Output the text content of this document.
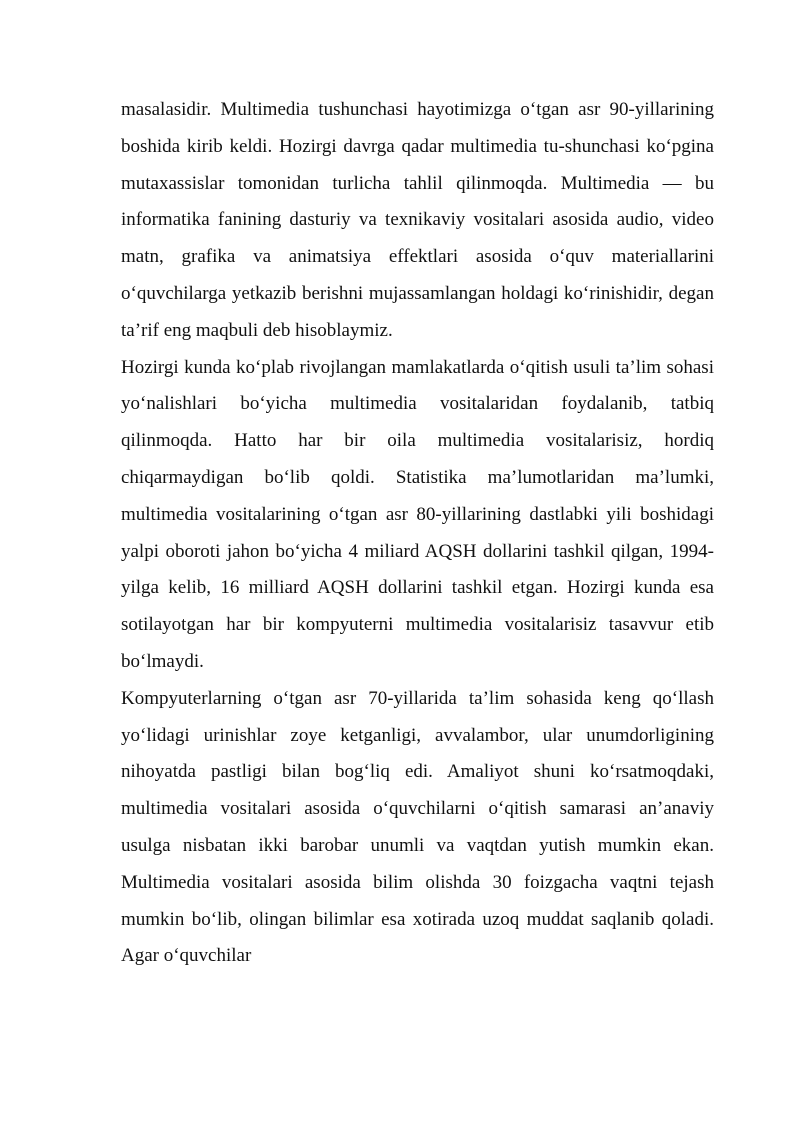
masalasidir. Multimedia tushunchasi hayotimizga o‘tgan asr 90-yillarining boshida kirib keldi. Hozirgi davrga qadar multimedia tu-shunchasi ko‘pgina mutaxassislar tomonidan turlicha tahlil qilinmoqda. Multimedia — bu informatika fanining dasturiy va texnikaviy vositalari asosida audio, video matn, grafika va animatsiya effektlari asosida o‘quv materiallarini o‘quvchilarga yetkazib berishni mujassamlangan holdagi ko‘rinishidir, degan ta’rif eng maqbuli deb hisoblaymiz.

Hozirgi kunda ko‘plab rivojlangan mamlakatlarda o‘qitish usuli ta’lim sohasi yo‘nalishlari bo‘yicha multimedia vositalaridan foydalanib, tatbiq qilinmoqda. Hatto har bir oila multimedia vositalarisiz, hordiq chiqarmaydigan bo‘lib qoldi. Statistika ma’lumotlaridan ma’lumki, multimedia vositalarining o‘tgan asr 80-yillarining dastlabki yili boshidagi yalpi oboroti jahon bo‘yicha 4 miliard AQSH dollarini tashkil qilgan, 1994-yilga kelib, 16 milliard AQSH dollarini tashkil etgan. Hozirgi kunda esa sotilayotgan har bir kompyuterni multimedia vositalarisiz tasavvur etib bo‘lmaydi.

Kompyuterlarning o‘tgan asr 70-yillarida ta’lim sohasida keng qo‘llash yo‘lidagi urinishlar zoye ketganligi, avvalambor, ular unumdorligining nihoyatda pastligi bilan bog‘liq edi. Amaliyot shuni ko‘rsatmoqdaki, multimedia vositalari asosida o‘quvchilarni o‘qitish samarasi an’anaviy usulga nisbatan ikki barobar unumli va vaqtdan yutish mumkin ekan. Multimedia vositalari asosida bilim olishda 30 foizgacha vaqtni tejash mumkin bo‘lib, olingan bilimlar esa xotirada uzoq muddat saqlanib qoladi. Agar o‘quvchilar
